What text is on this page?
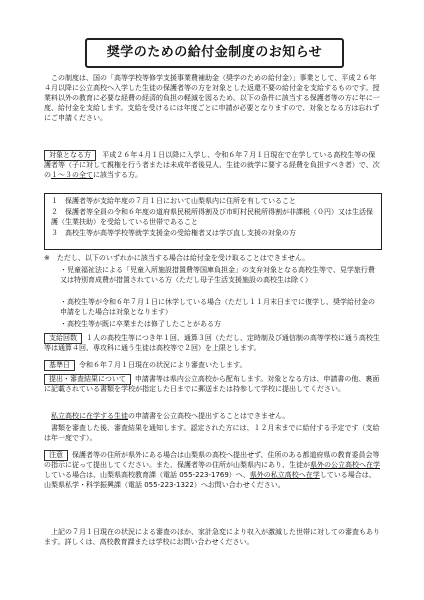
奨学のための給付金制度のお知らせ

この制度は、国の「高等学校等修学支援事業費補助金（奨学のための給付金）」事業として、平成２６年４月以降に公立高校へ入学した生徒の保護者等の方を対象とした返還不要の給付金を支給するものです。授業料以外の教育に必要な経費の経済的負担の軽減を図るため、以下の条件に該当する保護者等の方に年に一度、給付金を支給します。支給を受けるには年度ごとに申請が必要となりますので、対象となる方は忘れずにご申請ください。

対象となる方 平成２６年４月１日以降に入学し、令和６年７月１日現在で在学している高校生等の保護者等（子に対して親権を行う者または未成年者後見人、生徒の就学に要する経費を負担すべき者）で、次の１〜３の全てに該当する方。

１ 保護者等が支給年度の７月１日において山梨県内に住所を有していること
２ 保護者等全員の令和６年度の道府県民税所得割及び市町村民税所得割が非課税（０円）又は生活保護（生業扶助）を受給している世帯であること
３ 高校生等が高等学校等就学支援金の受給権者又は学び直し支援の対象の方

※　ただし、以下のいずれかに該当する場合は給付金を受け取ることはできません。

・児童福祉法による「児童入所施設措置費等国庫負担金」の支弁対象となる高校生等で、見学旅行費又は特別育成費が措置されている方（ただし母子生活支援施設の高校生は除く）

・高校生等が令和６年７月１日に休学している場合（ただし１１月末日までに復学し、奨学給付金の申請をした場合は対象となります）

・高校生等が既に卒業または修了したことがある方

支給回数 １人の高校生等につき年１回、通算３回（ただし、定時制及び通信制の高等学校に通う高校生等は通算４回、専攻科に通う生徒は高校等で２回）を上限とします。

基準日 令和６年７月１日現在の状況により審査いたします。

提出・審査結果について 申請書等は県内公立高校から配布します。対象となる方は、申請書の他、裏面に記載されている書類を学校が指定した日までに郵送または持参して学校に提出してください。

私立高校に在学する生徒の申請書を公立高校へ提出することはできません。

書類を審査した後、審査結果を通知します。認定された方には、１２月末までに給付する予定です（支給は年一度です）。

注意 保護者等の住所が県外にある場合は山梨県の高校へ提出せず、住所のある都道府県の教育委員会等の指示に従って提出してください。また、保護者等の住所が山梨県内にあり、生徒が県外の公立高校へ在学している場合は、山梨県高校教育課（電話 055-223-1769）へ、県外の私立高校へ在学している場合は、山梨県私学・科学振興課（電話 055-223-1322）へお問い合わせください。

上記の７月１日現在の状況による審査のほか、家計急変により収入が激減した世帯に対しての審査もあります。詳しくは、高校教育課または学校にお問い合わせください。
